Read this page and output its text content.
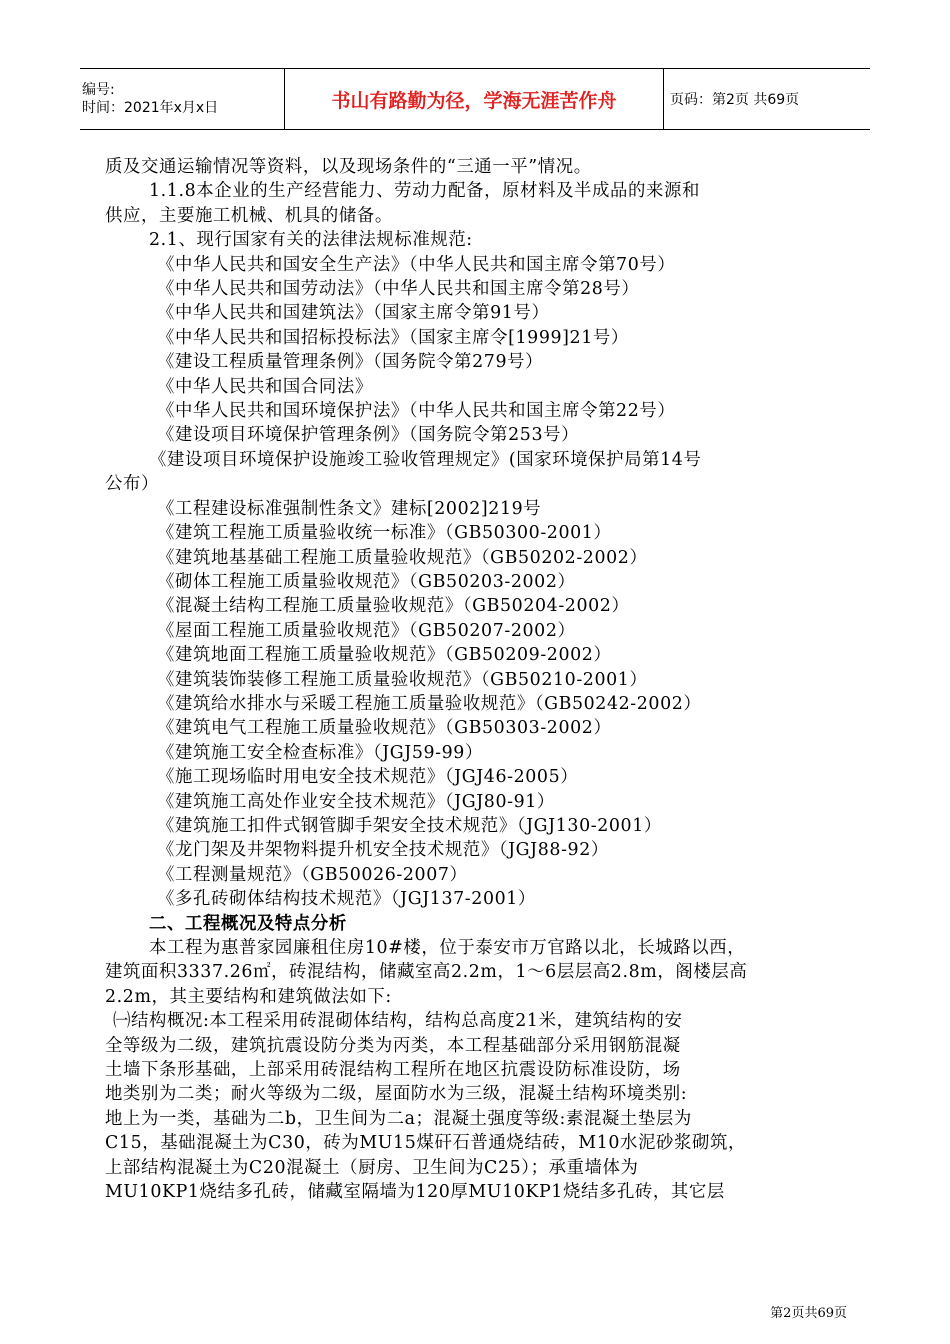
编号:
时间：2021年x月x日	书山有路勤为径，学海无涯苦作舟	页码：第2页 共69页

质及交通运输情况等资料，以及现场条件的“三通一平”情况。

1.1.8本企业的生产经营能力、劳动力配备，原材料及半成品的来源和

供应，主要施工机械、机具的储备。

2.1、现行国家有关的法律法规标准规范:

《中华人民共和国安全生产法》（中华人民共和国主席令第70号）

《中华人民共和国劳动法》（中华人民共和国主席令第28号）

《中华人民共和国建筑法》（国家主席令第91号）

《中华人民共和国招标投标法》（国家主席令[1999]21号）

《建设工程质量管理条例》（国务院令第279号）

《中华人民共和国合同法》

《中华人民共和国环境保护法》（中华人民共和国主席令第22号）

《建设项目环境保护管理条例》（国务院令第253号）

《建设项目环境保护设施竣工验收管理规定》(国家环境保护局第14号

公布）

《工程建设标准强制性条文》建标[2002]219号

《建筑工程施工质量验收统一标准》（GB50300-2001）

《建筑地基基础工程施工质量验收规范》（GB50202-2002）

《砌体工程施工质量验收规范》（GB50203-2002）

《混凝土结构工程施工质量验收规范》（GB50204-2002）

《屋面工程施工质量验收规范》（GB50207-2002）

《建筑地面工程施工质量验收规范》（GB50209-2002）

《建筑装饰装修工程施工质量验收规范》（GB50210-2001）

《建筑给水排水与采暖工程施工质量验收规范》（GB50242-2002）

《建筑电气工程施工质量验收规范》（GB50303-2002）

《建筑施工安全检查标准》（JGJ59-99）

《施工现场临时用电安全技术规范》（JGJ46-2005）

《建筑施工高处作业安全技术规范》（JGJ80-91）

《建筑施工扣件式钢管脚手架安全技术规范》（JGJ130-2001）

《龙门架及井架物料提升机安全技术规范》（JGJ88-92）

《工程测量规范》（GB50026-2007）

《多孔砖砌体结构技术规范》（JGJ137-2001）

二、工程概况及特点分析

本工程为惠普家园廉租住房10#楼，位于泰安市万官路以北，长城路以西，

建筑面积3337.26㎡，砖混结构，储藏室高2.2m，1～6层层高2.8m，阁楼层高

2.2m，其主要结构和建筑做法如下:

㈠结构概况:本工程采用砖混砌体结构，结构总高度21米，建筑结构的安

全等级为二级，建筑抗震设防分类为丙类，本工程基础部分采用钢筋混凝

土墙下条形基础，上部采用砖混结构工程所在地区抗震设防标准设防，场

地类别为二类；耐火等级为二级，屋面防水为三级，混凝土结构环境类别:

地上为一类，基础为二b，卫生间为二a；混凝土强度等级:素混凝土垫层为

C15，基础混凝土为C30，砖为MU15煤矸石普通烧结砖，M10水泥砂浆砌筑，

上部结构混凝土为C20混凝土（厨房、卫生间为C25）；承重墙体为

MU10KP1烧结多孔砖，储藏室隔墙为120厚MU10KP1烧结多孔砖，其它层

第2页共69页
